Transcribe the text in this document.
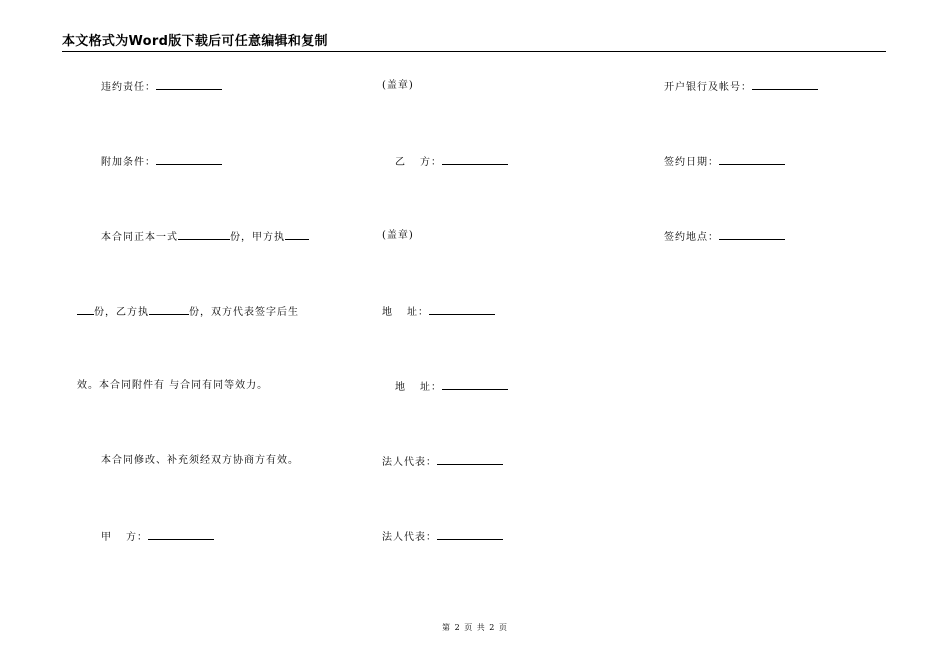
本文格式为Word版下载后可任意编辑和复制
违约责任：
附加条件：
本合同正本一式	份，甲方执
份，乙方执	份，双方代表签字后生
效。本合同附件有 与合同有同等效力。
本合同修改、补充须经双方协商方有效。
甲 方：
(盖章)
乙 方：
(盖章)
地 址：
地 址：
法人代表：
法人代表：
开户银行及帐号：
签约日期：
签约地点：
第 2 页 共 2 页
